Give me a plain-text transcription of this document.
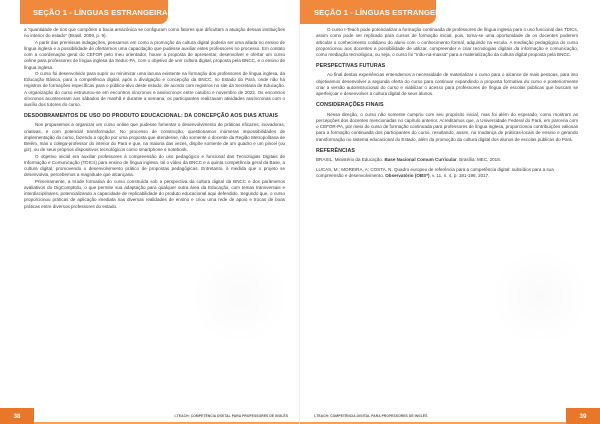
SEÇÃO 1 - LÍNGUAS ESTRANGEIRAS

a "quantidade de rios que compõem a bacia amazônica se configuram como fatores que dificultam a atuação dessas instituições no interior do estado" (Brasil, 2009, p. 9).

A partir das premissas indagações, pensamos em como a promoção da cultura digital poderia ser uma aliada no ensino de língua inglesa e a possibilidade de ofertarmos uma capacitação que pudesse auxiliar estes professores no processo. Em contato com a coordenação geral do CEFOR pelo meu orientador, houve a proposta de apresentar, desenvolver e ofertar um curso online para professores de língua inglesa da Seduc-PA, com o objetivo de unir cultura digital, proposta pela BNCC, e o ensino de língua inglesa.

O curso foi desenvolvido para suprir ou minimizar uma lacuna existente na formação dos professores de língua inglesa, da Educação Básica, para a competência digital, após a divulgação e concepção da BNCC, no Estado do Pará, onde não há registros de formações específicas para o público-alvo deste estudo, de acordo com registros no site da Secretaria de Educação. A organização do curso estruturou-se em encontros síncronos e assíncronos entre outubro e novembro de 2022. Os encontros síncronos aconteceram aos sábados de manhã e durante a semana, os participantes realizavam atividades assíncronas com o auxílio dos tutores do curso.

DESDOBRAMENTOS DE USO DO PRODUTO EDUCACIONAL: DA CONCEPÇÃO AOS DIAS ATUAIS

Nos propusemos a organizar um curso online que pudesse fomentar o desenvolvimento de práticas eficazes, inovadoras, criativas, e com potencial transformador. No processo de construção, questionamos inúmeras impossibilidades de implementação do curso, fazendo a opção por uma proposta que atendesse, não somente o docente da Região Metropolitana de Belém, mas o colega-professor do interior do Pará e que, na maioria das vezes, dispõe somente de um quadro e um pincel (ou giz), ou de seus próprios dispositivos tecnológicos como smartphone e notebook.

O objetivo inicial era auxiliar professores à compreensão do uso pedagógico e funcional das Tecnologias Digitais de Informação e Comunicação (TDICs) para ensino de língua inglesa, tal o vídeo da BNCC e a quinta competência geral da Base, a cultura digital, promovendo o desenvolvimento prático de propostas pedagógicas. Entretanto, à medida que o projeto se desenvolvia, percebemos a magnitude que alcançaria.

Primeiramente, a tríade formativa do curso construída sob a perspectiva da cultura digital da BNCC e dos parâmetros avaliativos do DigCompEdu, o que permite sua adaptação para qualquer outra área da Educação, com temas transversais e interdisciplinares, potencializando a capacidade de replicabilidade do produto educacional aqui defendido. Segundo que, o curso proporcionou práticas de aplicação imediata nas diversas realidades de ensino e criou uma rede de apoio e trocas de boas práticas entre diversos professores do estado.

38	I-TEACH: COMPETÊNCIA DIGITAL PARA PROFESSORES DE INGLÊS
SEÇÃO 1 - LÍNGUAS ESTRANGEIRAS

O curso I-Teach pode potencializar a formação continuada de professores de língua inglesa para o uso funcional das TDICs, assim como pode ser replicado para cursos de formação inicial, pois, torna-se uma oportunidade de os docentes poderem articular o conhecimento cotidiano do aluno com o conhecimento formal, adquirido na escola. A mediação pedagógica do curso proporcionou aos docentes a possibilidade de utilizar, compreender e criar tecnologias digitais da informação e comunicação, como mediação tecnológica, ou seja, o curso foi "mão-na-massa" para a materialização da cultura digital proposta pela BNCC.

PERSPECTIVAS FUTURAS

Ao final destas experiências entendemos a necessidade de materializar o curso para o alcance de mais pessoas, para isto objetivamos desenvolver a segunda oferta do curso para continuar expandindo a proposta formativa do curso e posteriormente criar a versão autoinstrucional do curso e viabilizar o acesso para professores de língua de escolas públicas que buscam se aperfeiçoar e desenvolver a cultura digital de seus alunos.

CONSIDERAÇÕES FINAIS

Nessa direção, o curso não somente cumpriu com seu propósito inicial, mas foi além do esperado, como mostram as percepções dos docentes mencionadas no capítulo anterior. Acreditamos que, a Universidade Federal do Pará, em parceria com o CEFOR-PA, por meio do curso de formação continuada para professores de língua inglesa, proporcionou contribuições valiosas para a formação continuada dos participantes do curso, resultando, assim, na mudança de práticas-locais de ensino e gerando transformação no sistema educacional do Estado, além da promoção da cultura digital dos alunos de escolas públicas do Pará.

REFERÊNCIAS

BRASIL. Ministério da Educação. Base Nacional Comum Curricular. Brasília: MEC, 2018.

LUCAS, M.; MOREIRA, A; COSTA, N. Quadro europeu de referência para a competência digital: subsídios para a sua compreensão e desenvolvimento. Observatório (OBS*), v. 11, n. 4, p. 181-198, 2017.

I-TEACH: COMPETÊNCIA DIGITAL PARA PROFESSORES DE INGLÊS	39
